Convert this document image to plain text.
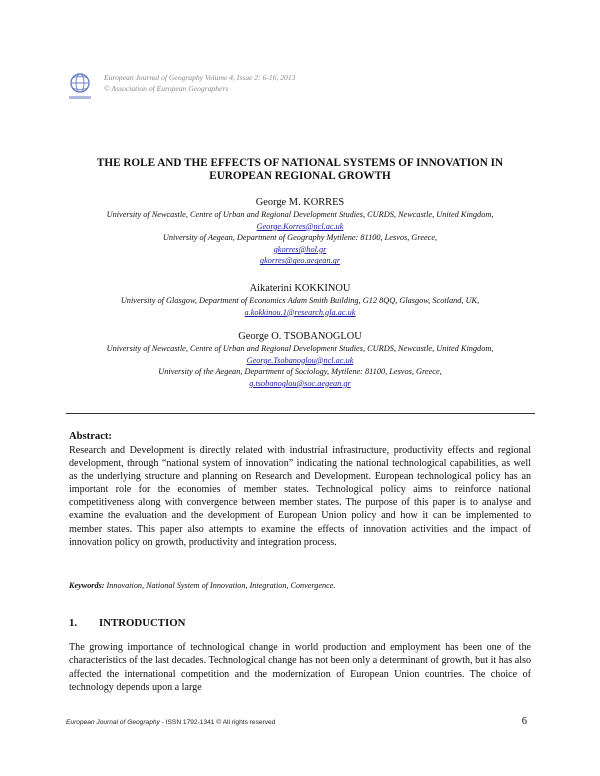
European Journal of Geography Volume 4, Issue 2: 6-16, 2013
© Association of European Geographers
THE ROLE AND THE EFFECTS OF NATIONAL SYSTEMS OF INNOVATION IN
EUROPEAN REGIONAL GROWTH
George M. KORRES
University of Newcastle, Centre of Urban and Regional Development Studies, CURDS, Newcastle, United Kingdom,
George.Korres@ncl.ac.uk
University of Aegean, Department of Geography Mytilene: 81100, Lesvos, Greece,
gkorres@hol.gr
gkorres@geo.aegean.gr
Aikaterini KOKKINOU
University of Glasgow, Department of Economics Adam Smith Building, G12 8QQ, Glasgow, Scotland, UK,
a.kokkinou.1@research.gla.ac.uk
George O. TSOBANOGLOU
University of Newcastle, Centre of Urban and Regional Development Studies, CURDS, Newcastle, United Kingdom,
George.Tsobanoglou@ncl.ac.uk
University of the Aegean, Department of Sociology, Mytilene: 81100, Lesvos, Greece,
g.tsobanoglou@soc.aegean.gr
Abstract:
Research and Development is directly related with industrial infrastructure, productivity effects and regional development, through “national system of innovation” indicating the national technological capabilities, as well as the underlying structure and planning on Research and Development. European technological policy has an important role for the economies of member states. Technological policy aims to reinforce national competitiveness along with convergence between member states. The purpose of this paper is to analyse and examine the evaluation and the development of European Union policy and how it can be implemented to member states. This paper also attempts to examine the effects of innovation activities and the impact of innovation policy on growth, productivity and integration process.
Keywords: Innovation, National System of Innovation, Integration, Convergence.
1. INTRODUCTION
The growing importance of technological change in world production and employment has been one of the characteristics of the last decades. Technological change has not been only a determinant of growth, but it has also affected the international competition and the modernization of European Union countries. The choice of technology depends upon a large
European Journal of Geography - ISSN 1792-1341 © All rights reserved	6
